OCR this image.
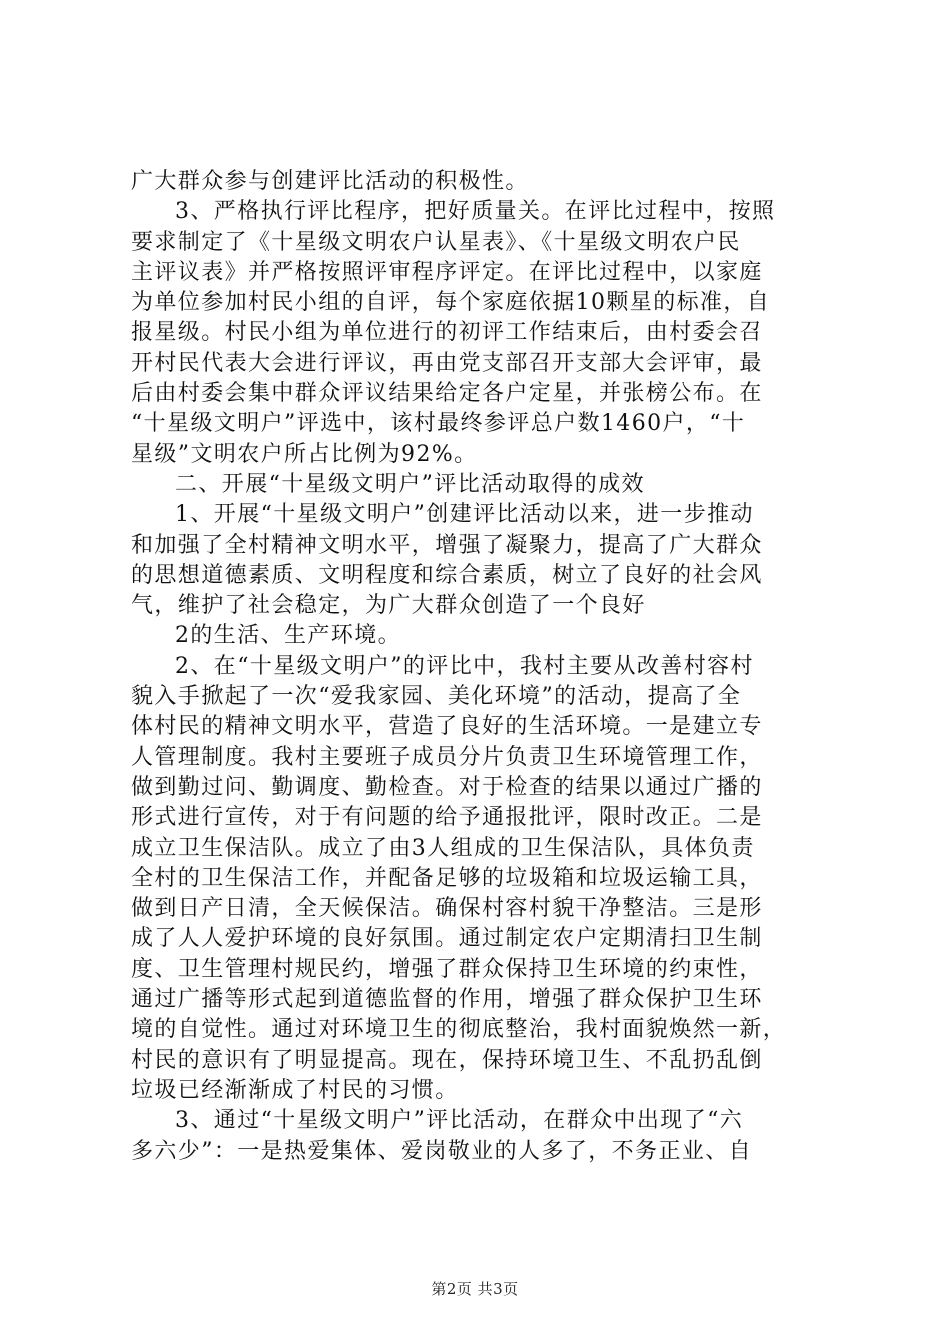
广大群众参与创建评比活动的积极性。
3、严格执行评比程序，把好质量关。在评比过程中，按照
要求制定了《十星级文明农户认星表》、《十星级文明农户民
主评议表》并严格按照评审程序评定。在评比过程中，以家庭
为单位参加村民小组的自评，每个家庭依据10颗星的标准，自
报星级。村民小组为单位进行的初评工作结束后，由村委会召
开村民代表大会进行评议，再由党支部召开支部大会评审，最
后由村委会集中群众评议结果给定各户定星，并张榜公布。在
“十星级文明户”评选中，该村最终参评总户数1460户，“十
星级”文明农户所占比例为92%。
二、开展“十星级文明户”评比活动取得的成效
1、开展“十星级文明户”创建评比活动以来，进一步推动
和加强了全村精神文明水平，增强了凝聚力，提高了广大群众
的思想道德素质、文明程度和综合素质，树立了良好的社会风
气，维护了社会稳定，为广大群众创造了一个良好
2的生活、生产环境。
2、在“十星级文明户”的评比中，我村主要从改善村容村
貌入手掀起了一次“爱我家园、美化环境”的活动，提高了全
体村民的精神文明水平，营造了良好的生活环境。一是建立专
人管理制度。我村主要班子成员分片负责卫生环境管理工作，
做到勤过问、勤调度、勤检查。对于检查的结果以通过广播的
形式进行宣传，对于有问题的给予通报批评，限时改正。二是
成立卫生保洁队。成立了由3人组成的卫生保洁队，具体负责
全村的卫生保洁工作，并配备足够的垃圾箱和垃圾运输工具，
做到日产日清，全天候保洁。确保村容村貌干净整洁。三是形
成了人人爱护环境的良好氛围。通过制定农户定期清扫卫生制
度、卫生管理村规民约，增强了群众保持卫生环境的约束性，
通过广播等形式起到道德监督的作用，增强了群众保护卫生环
境的自觉性。通过对环境卫生的彻底整治，我村面貌焕然一新，
村民的意识有了明显提高。现在，保持环境卫生、不乱扔乱倒
垃圾已经渐渐成了村民的习惯。
3、通过“十星级文明户”评比活动，在群众中出现了“六
多六少”：一是热爱集体、爱岗敬业的人多了，不务正业、自
第2页 共3页
